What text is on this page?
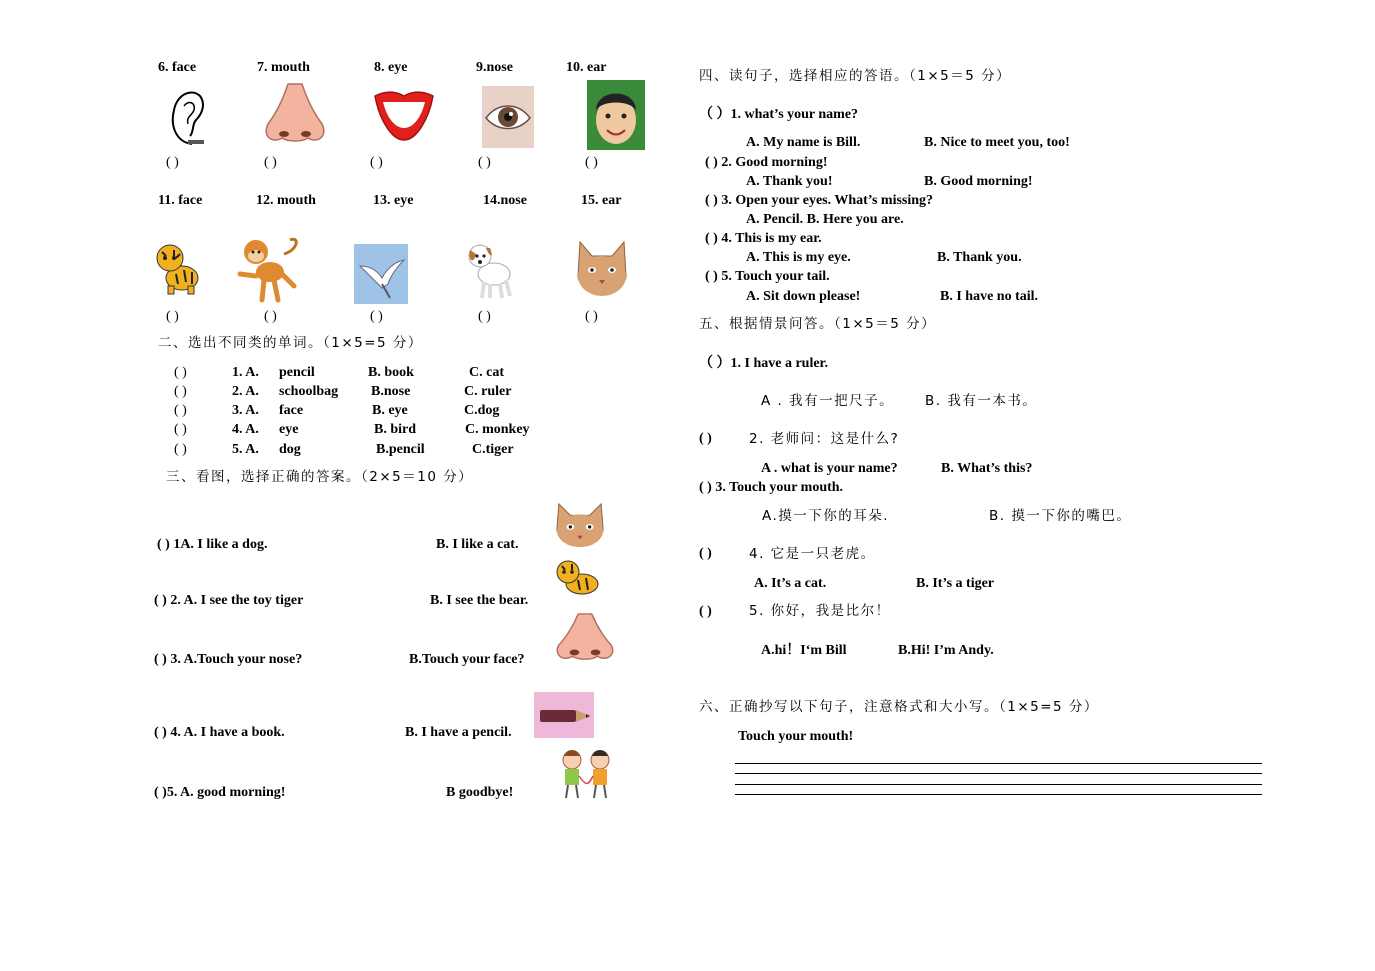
6. face	7. mouth	8. eye	9.nose	10. ear
( )	( )	( )	( )	( )
11. face	12. mouth	13. eye	14.nose	15. ear
( )	( )	( )	( )	( )
二、选出不同类的单词。（1×5=5 分）
( )	1. A. pencil	B. book	C. cat
( )	2. A. schoolbag B.nose	C. ruler
( )	3. A. face	B. eye	C.dog
( )	4. A. eye	B. bird	C. monkey
( )	5. A. dog	B.pencil	C.tiger
三、看图，选择正确的答案。（2×5＝10 分）
( ) 1A. I like a dog.	B. I like a cat.
( ) 2. A. I see the toy tiger	B. I see the bear.
( ) 3. A.Touch your nose?	B.Touch your face?
( ) 4. A. I have a book.	B. I have a pencil.
( )5. A. good morning!	B goodbye!
四、读句子，选择相应的答语。（1×5＝5 分）
（ ）1. what’s your name?
A. My name is Bill.	B. Nice to meet you, too!
( ) 2. Good morning!
A. Thank you!	B. Good morning!
( ) 3. Open your eyes. What’s missing?
A. Pencil. B. Here you are.
( ) 4. This is my ear.
A. This is my eye.	B. Thank you.
( ) 5. Touch your tail.
A. Sit down please!	B. I have no tail.
五、根据情景问答。（1×5＝5 分）
（ ）1. I have a ruler.
A . 我有一把尺子。 B. 我有一本书。
( )	2. 老师问：这是什么?
A . what is your name?	B. What’s this?
( ) 3. Touch your mouth.
A.摸一下你的耳朵.	B. 摸一下你的嘴巴。
( )	4. 它是一只老虎。
A. It’s a cat.	B. It’s a tiger
( )	5. 你好，我是比尔！
A.hi！I‘m Bill	B.Hi! I’m Andy.
六、正确抄写以下句子，注意格式和大小写。（1×5=5 分）
Touch your mouth!
